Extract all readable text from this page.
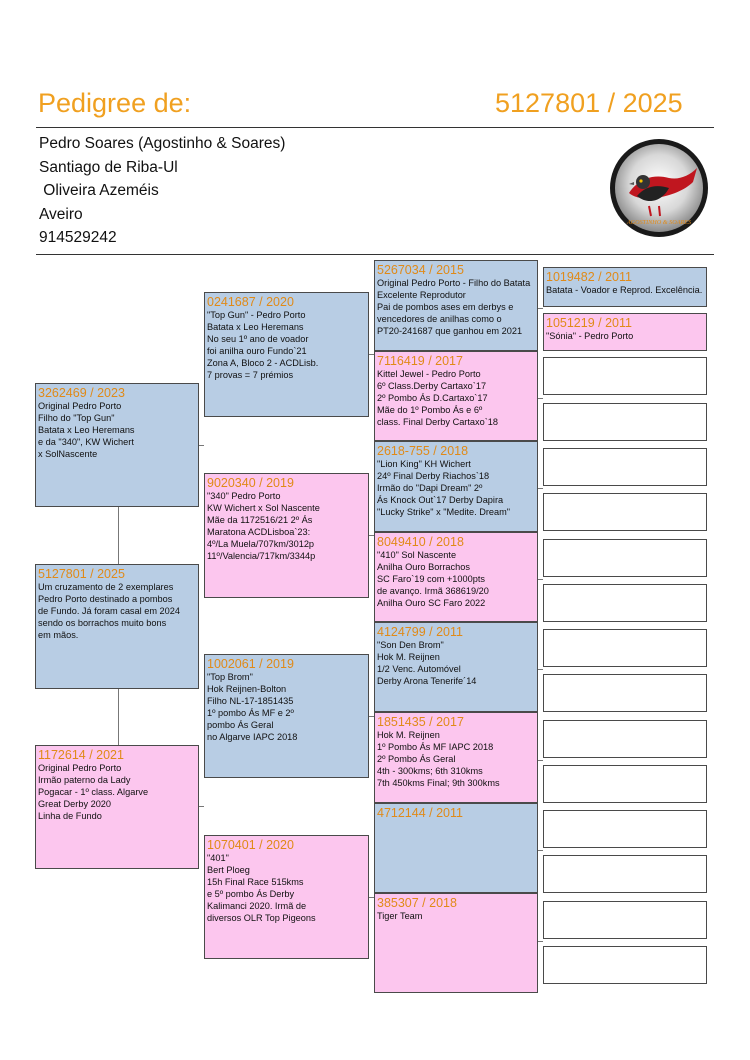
Pedigree de:	5127801 / 2025
Pedro Soares (Agostinho & Soares)
Santiago de Riba-Ul
Oliveira Azeméis
Aveiro
914529242
AGOSTINHO & SOARES
3262469 / 2023
Original Pedro Porto
Filho do "Top Gun"
Batata x Leo Heremans
e da "340", KW Wichert
x SolNascente
5127801 / 2025
Um cruzamento de 2 exemplares
Pedro Porto destinado a pombos
de Fundo. Já foram casal em 2024
sendo os borrachos muito bons
em mãos.
1172614 / 2021
Original Pedro Porto
Irmão paterno da Lady
Pogacar - 1º class. Algarve
Great Derby 2020
Linha de Fundo
0241687 / 2020
"Top Gun" - Pedro Porto
Batata x Leo Heremans
No seu 1º ano de voador
foi anilha ouro Fundo`21
Zona A, Bloco 2 - ACDLisb.
7 provas = 7 prémios
9020340 / 2019
"340" Pedro Porto
KW Wichert x Sol Nascente
Mãe da 1172516/21 2º Ás
Maratona ACDLisboa`23:
4º/La Muela/707km/3012p
11º/Valencia/717km/3344p
1002061 / 2019
"Top Brom"
Hok Reijnen-Bolton
Filho NL-17-1851435
1º pombo Ás MF e 2º
pombo Ás Geral
no Algarve IAPC 2018
1070401 / 2020
"401"
Bert Ploeg
15h Final Race 515kms
e 5º pombo Ás Derby
Kalimanci 2020. Irmã de
diversos OLR Top Pigeons
5267034 / 2015
Original Pedro Porto - Filho do Batata
Excelente Reprodutor
Pai de pombos ases em derbys e
vencedores de anilhas como o
PT20-241687 que ganhou em 2021
7116419 / 2017
Kittel Jewel - Pedro Porto
6º Class.Derby Cartaxo`17
2º Pombo Ás D.Cartaxo`17
Mãe do 1º Pombo Ás e 6º
class. Final Derby Cartaxo`18
2618-755 / 2018
"Lion King" KH Wichert
24º Final Derby Riachos`18
Irmão do "Dapi Dream" 2º
Ás Knock Out`17 Derby Dapira
"Lucky Strike" x "Medite. Dream"
8049410 / 2018
"410" Sol Nascente
Anilha Ouro Borrachos
SC Faro`19 com +1000pts
de avanço. Irmã 368619/20
Anilha Ouro SC Faro 2022
4124799 / 2011
"Son Den Brom"
Hok M. Reijnen
1/2 Venc. Automóvel
Derby Arona Tenerife´14
1851435 / 2017
Hok M. Reijnen
1º Pombo Ás MF IAPC 2018
2º Pombo Ás Geral
4th - 300kms; 6th 310kms
7th 450kms Final; 9th 300kms
4712144 / 2011
385307 / 2018
Tiger Team
1019482 / 2011
Batata - Voador e Reprod. Excelência.
1051219 / 2011
"Sónia" - Pedro Porto
